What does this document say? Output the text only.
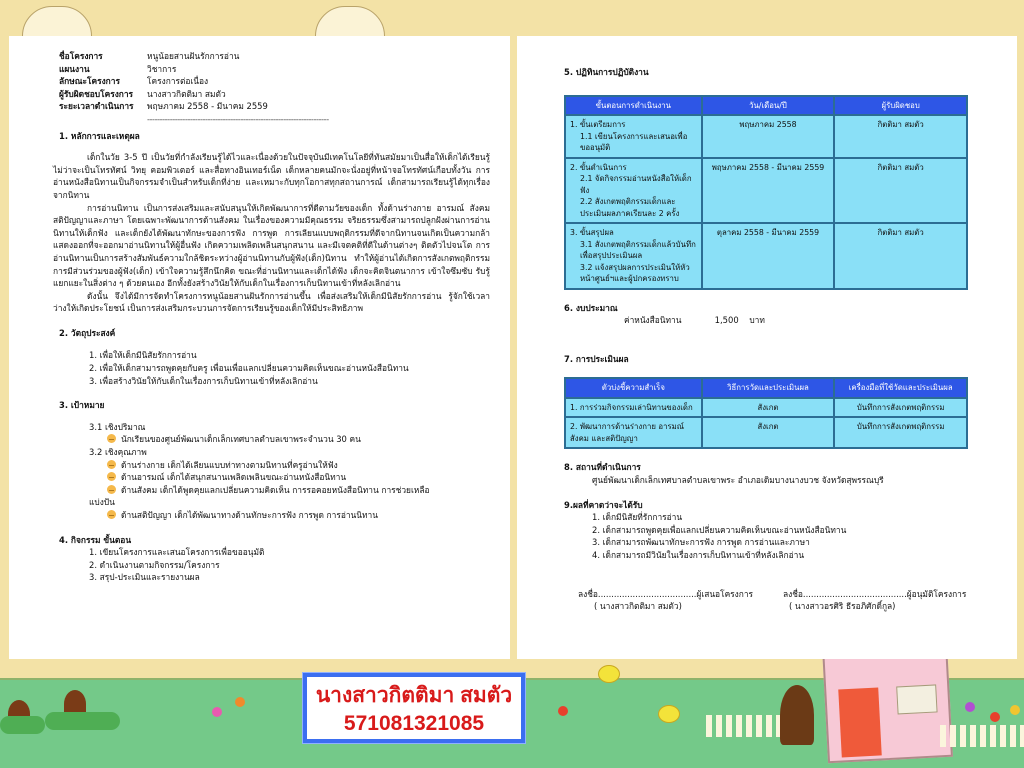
ชื่อโครงการ	หนูน้อยสานฝันรักการอ่าน
แผนงาน	วิชาการ
ลักษณะโครงการ	โครงการต่อเนื่อง
ผู้รับผิดชอบโครงการ	นางสาวกิตติมา สมตัว
ระยะเวลาดำเนินการ	พฤษภาคม 2558 - มีนาคม 2559
------------------------------------------------------------------------
1. หลักการและเหตุผล

เด็กในวัย 3-5 ปี เป็นวัยที่กำลังเรียนรู้ได้ไวและเนื่องด้วยในปัจจุบันมีเทคโนโลยีที่ทันสมัยมาเป็นสื่อให้เด็กได้เรียนรู้ ไม่ว่าจะเป็นโทรทัศน์ วิทยุ คอมพิวเตอร์ และสื่อทางอินเทอร์เน็ต เด็กหลายคนมักจะนั่งอยู่ที่หน้าจอโทรทัศน์เกือบทั้งวัน การอ่านหนังสือนิทานเป็นกิจกรรมจำเป็นสำหรับเด็กที่ง่าย และเหมาะกับทุกโอกาสทุกสถานการณ์ เด็กสามารถเรียนรู้ได้ทุกเรื่องจากนิทาน

การอ่านนิทาน เป็นการส่งเสริมและสนับสนุนให้เกิดพัฒนาการที่ดีตามวัยของเด็ก ทั้งด้านร่างกาย อารมณ์ สังคม สติปัญญาและภาษา โดยเฉพาะพัฒนาการด้านสังคม ในเรื่องของความมีคุณธรรม จริยธรรมซึ่งสามารถปลูกฝังผ่านการอ่านนิทานให้เด็กฟัง และเด็กยังได้พัฒนาทักษะของการฟัง การพูด การเลียนแบบพฤติกรรมที่ดีจากนิทานจนเกิดเป็นความกล้าแสดงออกที่จะออกมาอ่านนิทานให้ผู้อื่นฟัง เกิดความเพลิดเพลินสนุกสนาน และมีเจตคติที่ดีในด้านต่างๆ ติดตัวไปจนโต การอ่านนิทานเป็นการสร้างสัมพันธ์ความใกล้ชิดระหว่างผู้อ่านนิทานกับผู้ฟัง(เด็ก)นิทาน ทำให้ผู้อ่านได้เกิดการสังเกตพฤติกรรมการมีส่วนร่วมของผู้ฟัง(เด็ก) เข้าใจความรู้สึกนึกคิด ขณะที่อ่านนิทานและเด็กได้ฟัง เด็กจะคิดจินตนาการ เข้าใจซึมซับ รับรู้ แยกแยะในสิ่งต่าง ๆ ด้วยตนเอง อีกทั้งยังสร้างวินัยให้กับเด็กในเรื่องการเก็บนิทานเข้าที่หลังเลิกอ่าน

ดังนั้น จึงได้มีการจัดทำโครงการหนูน้อยสานฝันรักการอ่านขึ้น เพื่อส่งเสริมให้เด็กมีนิสัยรักการอ่าน รู้จักใช้เวลาว่างให้เกิดประโยชน์ เป็นการส่งเสริมกระบวนการจัดการเรียนรู้ของเด็กให้มีประสิทธิภาพ

2. วัตถุประสงค์
1. เพื่อให้เด็กมีนิสัยรักการอ่าน
2. เพื่อให้เด็กสามารถพูดคุยกับครู เพื่อนเพื่อแลกเปลี่ยนความคิดเห็นขณะอ่านหนังสือนิทาน
3. เพื่อสร้างวินัยให้กับเด็กในเรื่องการเก็บนิทานเข้าที่หลังเลิกอ่าน
3. เป้าหมาย
3.1 เชิงปริมาณ
นักเรียนของศูนย์พัฒนาเด็กเล็กเทศบาลตำบลเขาพระจำนวน 30 คน
3.2 เชิงคุณภาพ
ด้านร่างกาย เด็กได้เลียนแบบท่าทางตามนิทานที่ครูอ่านให้ฟัง
ด้านอารมณ์ เด็กได้สนุกสนานเพลิดเพลินขณะอ่านหนังสือนิทาน
ด้านสังคม เด็กได้พูดคุยแลกเปลี่ยนความคิดเห็น การรอคอยหนังสือนิทาน การช่วยเหลือ
แบ่งปัน
ด้านสติปัญญา เด็กได้พัฒนาทางด้านทักษะการฟัง การพูด การอ่านนิทาน
4. กิจกรรม ขั้นตอน
1. เขียนโครงการและเสนอโครงการเพื่อขออนุมัติ
2. ดำเนินงานตามกิจกรรม/โครงการ
3. สรุป-ประเมินและรายงานผล
5. ปฏิทินการปฏิบัติงาน
ขั้นตอนการดำเนินงาน	วัน/เดือน/ปี	ผู้รับผิดชอบ

1. ขั้นเตรียมการ
1.1 เขียนโครงการและเสนอเพื่อขออนุมัติ	พฤษภาคม 2558	กิตติมา สมตัว

2. ขั้นดำเนินการ
2.1 จัดกิจกรรมอ่านหนังสือให้เด็กฟัง
2.2 สังเกตพฤติกรรมเด็กและประเมินผลภาคเรียนละ 2 ครั้ง	พฤษภาคม 2558 - มีนาคม 2559	กิตติมา สมตัว

3. ขั้นสรุปผล
3.1 สังเกตพฤติกรรมเด็กแล้วบันทึก เพื่อสรุปประเมินผล
3.2 แจ้งสรุปผลการประเมินให้หัวหน้าศูนย์ฯและผู้ปกครองทราบ	ตุลาคม 2558 - มีนาคม 2559	กิตติมา สมตัว
6. งบประมาณ
ค่าหนังสือนิทาน	1,500 บาท
7. การประเมินผล
ตัวบ่งชี้ความสำเร็จ	วิธีการวัดและประเมินผล	เครื่องมือที่ใช้วัดและประเมินผล
1. การร่วมกิจกรรมเล่านิทานของเด็ก	สังเกต	บันทึกการสังเกตพฤติกรรม
2. พัฒนาการด้านร่างกาย อารมณ์ สังคม และสติปัญญา	สังเกต	บันทึกการสังเกตพฤติกรรม
8. สถานที่ดำเนินการ
ศูนย์พัฒนาเด็กเล็กเทศบาลตำบลเขาพระ อำเภอเดิมบางนางบวช จังหวัดสุพรรณบุรี
9.ผลที่คาดว่าจะได้รับ
1. เด็กมีนิสัยที่รักการอ่าน
2. เด็กสามารถพูดคุยเพื่อแลกเปลี่ยนความคิดเห็นขณะอ่านหนังสือนิทาน
3. เด็กสามารถพัฒนาทักษะการฟัง การพูด การอ่านและภาษา
4. เด็กสามารถมีวินัยในเรื่องการเก็บนิทานเข้าที่หลังเลิกอ่าน
ลงชื่อ.....................................ผู้เสนอโครงการ
( นางสาวกิตติมา สมตัว)
ลงชื่อ.......................................ผู้อนุมัติโครงการ
( นางสาวอรศิริ ธีรอภิศักดิ์กูล)
นางสาวกิตติมา สมตัว
571081321085
